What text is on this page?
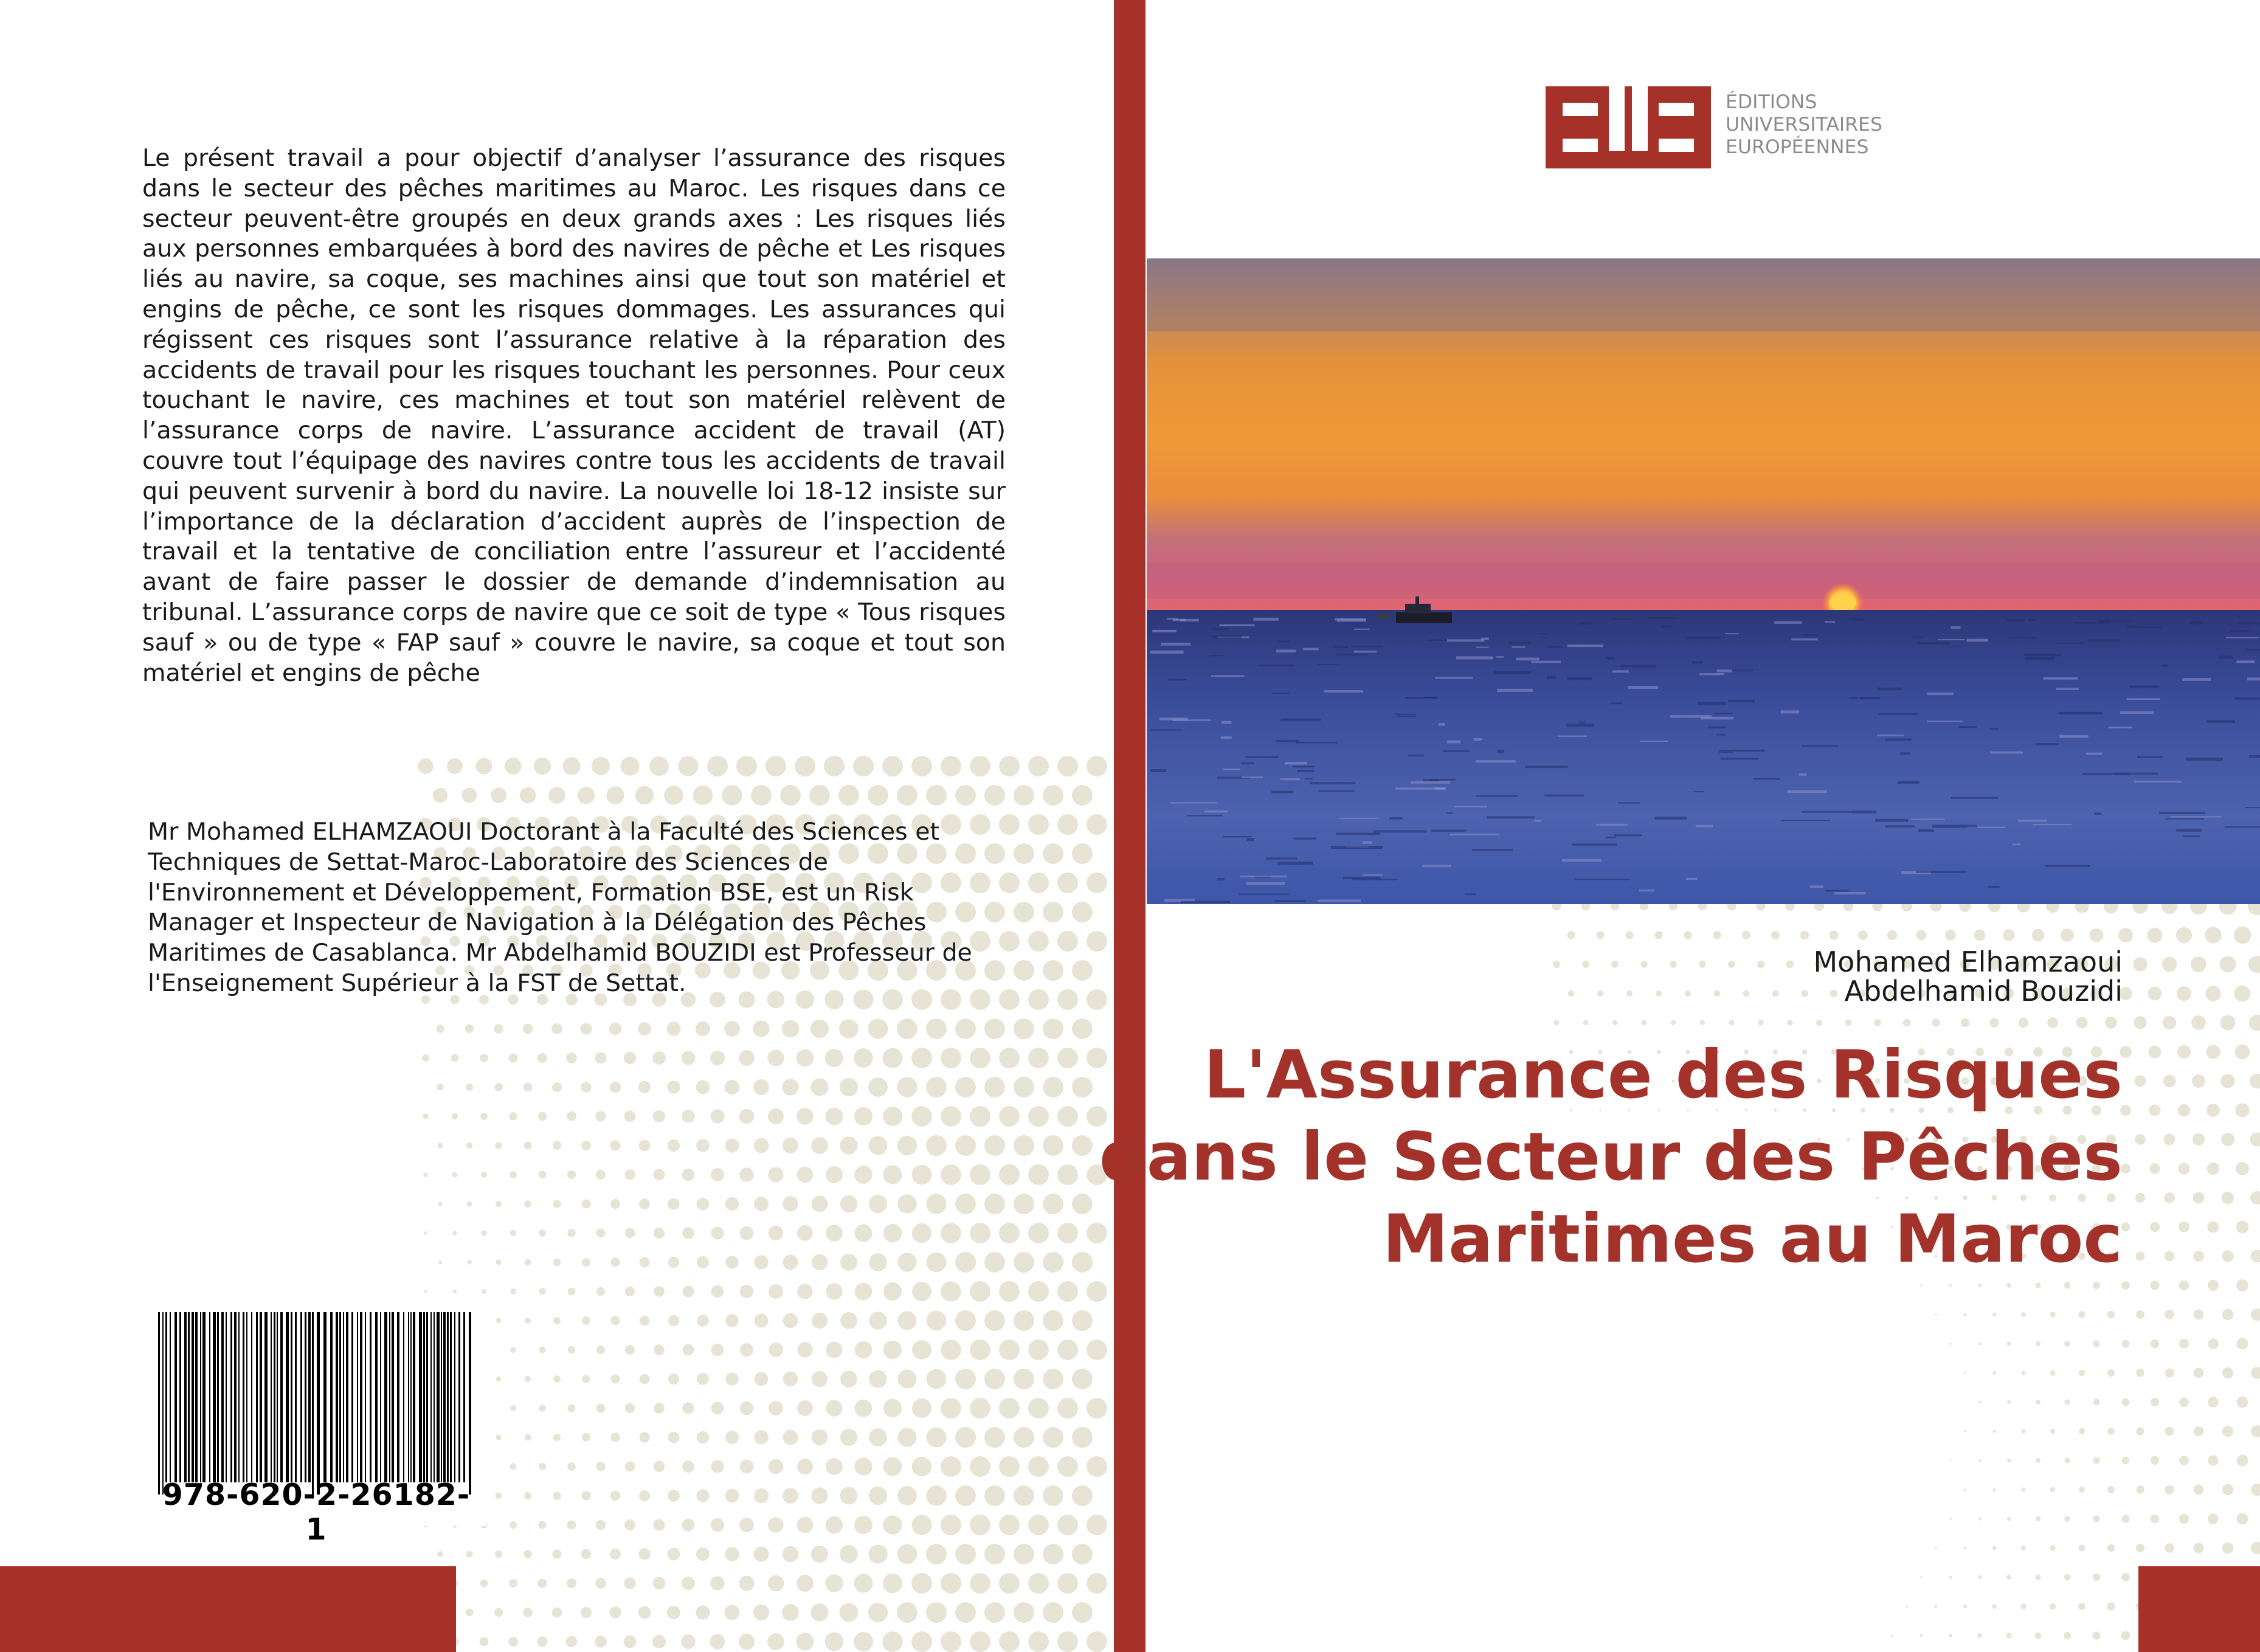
Le présent travail a pour objectif d’analyser l’assurance des risques dans le secteur des pêches maritimes au Maroc. Les risques dans ce secteur peuvent-être groupés en deux grands axes : Les risques liés aux personnes embarquées à bord des navires de pêche et Les risques liés au navire, sa coque, ses machines ainsi que tout son matériel et engins de pêche, ce sont les risques dommages. Les assurances qui régissent ces risques sont l’assurance relative à la réparation des accidents de travail pour les risques touchant les personnes. Pour ceux touchant le navire, ces machines et tout son matériel relèvent de l’assurance corps de navire. L’assurance accident de travail (AT) couvre tout l’équipage des navires contre tous les accidents de travail qui peuvent survenir à bord du navire. La nouvelle loi 18-12 insiste sur l’importance de la déclaration d’accident auprès de l’inspection de travail et la tentative de conciliation entre l’assureur et l’accidenté avant de faire passer le dossier de demande d’indemnisation au tribunal. L’assurance corps de navire que ce soit de type « Tous risques sauf » ou de type « FAP sauf » couvre le navire, sa coque et tout son matériel et engins de pêche

Mr Mohamed ELHAMZAOUI Doctorant à la Faculté des Sciences et
Techniques de Settat-Maroc-Laboratoire des Sciences de
l'Environnement et Développement, Formation BSE, est un Risk
Manager et Inspecteur de Navigation à la Délégation des Pêches
Maritimes de Casablanca. Mr Abdelhamid BOUZIDI est Professeur de
l'Enseignement Supérieur à la FST de Settat.

978-620-2-26182-1
ÉDITIONS
UNIVERSITAIRES
EUROPÉENNES
Mohamed Elhamzaoui
Abdelhamid Bouzidi
L'Assurance des Risques
dans le Secteur des Pêches
Maritimes au Maroc
